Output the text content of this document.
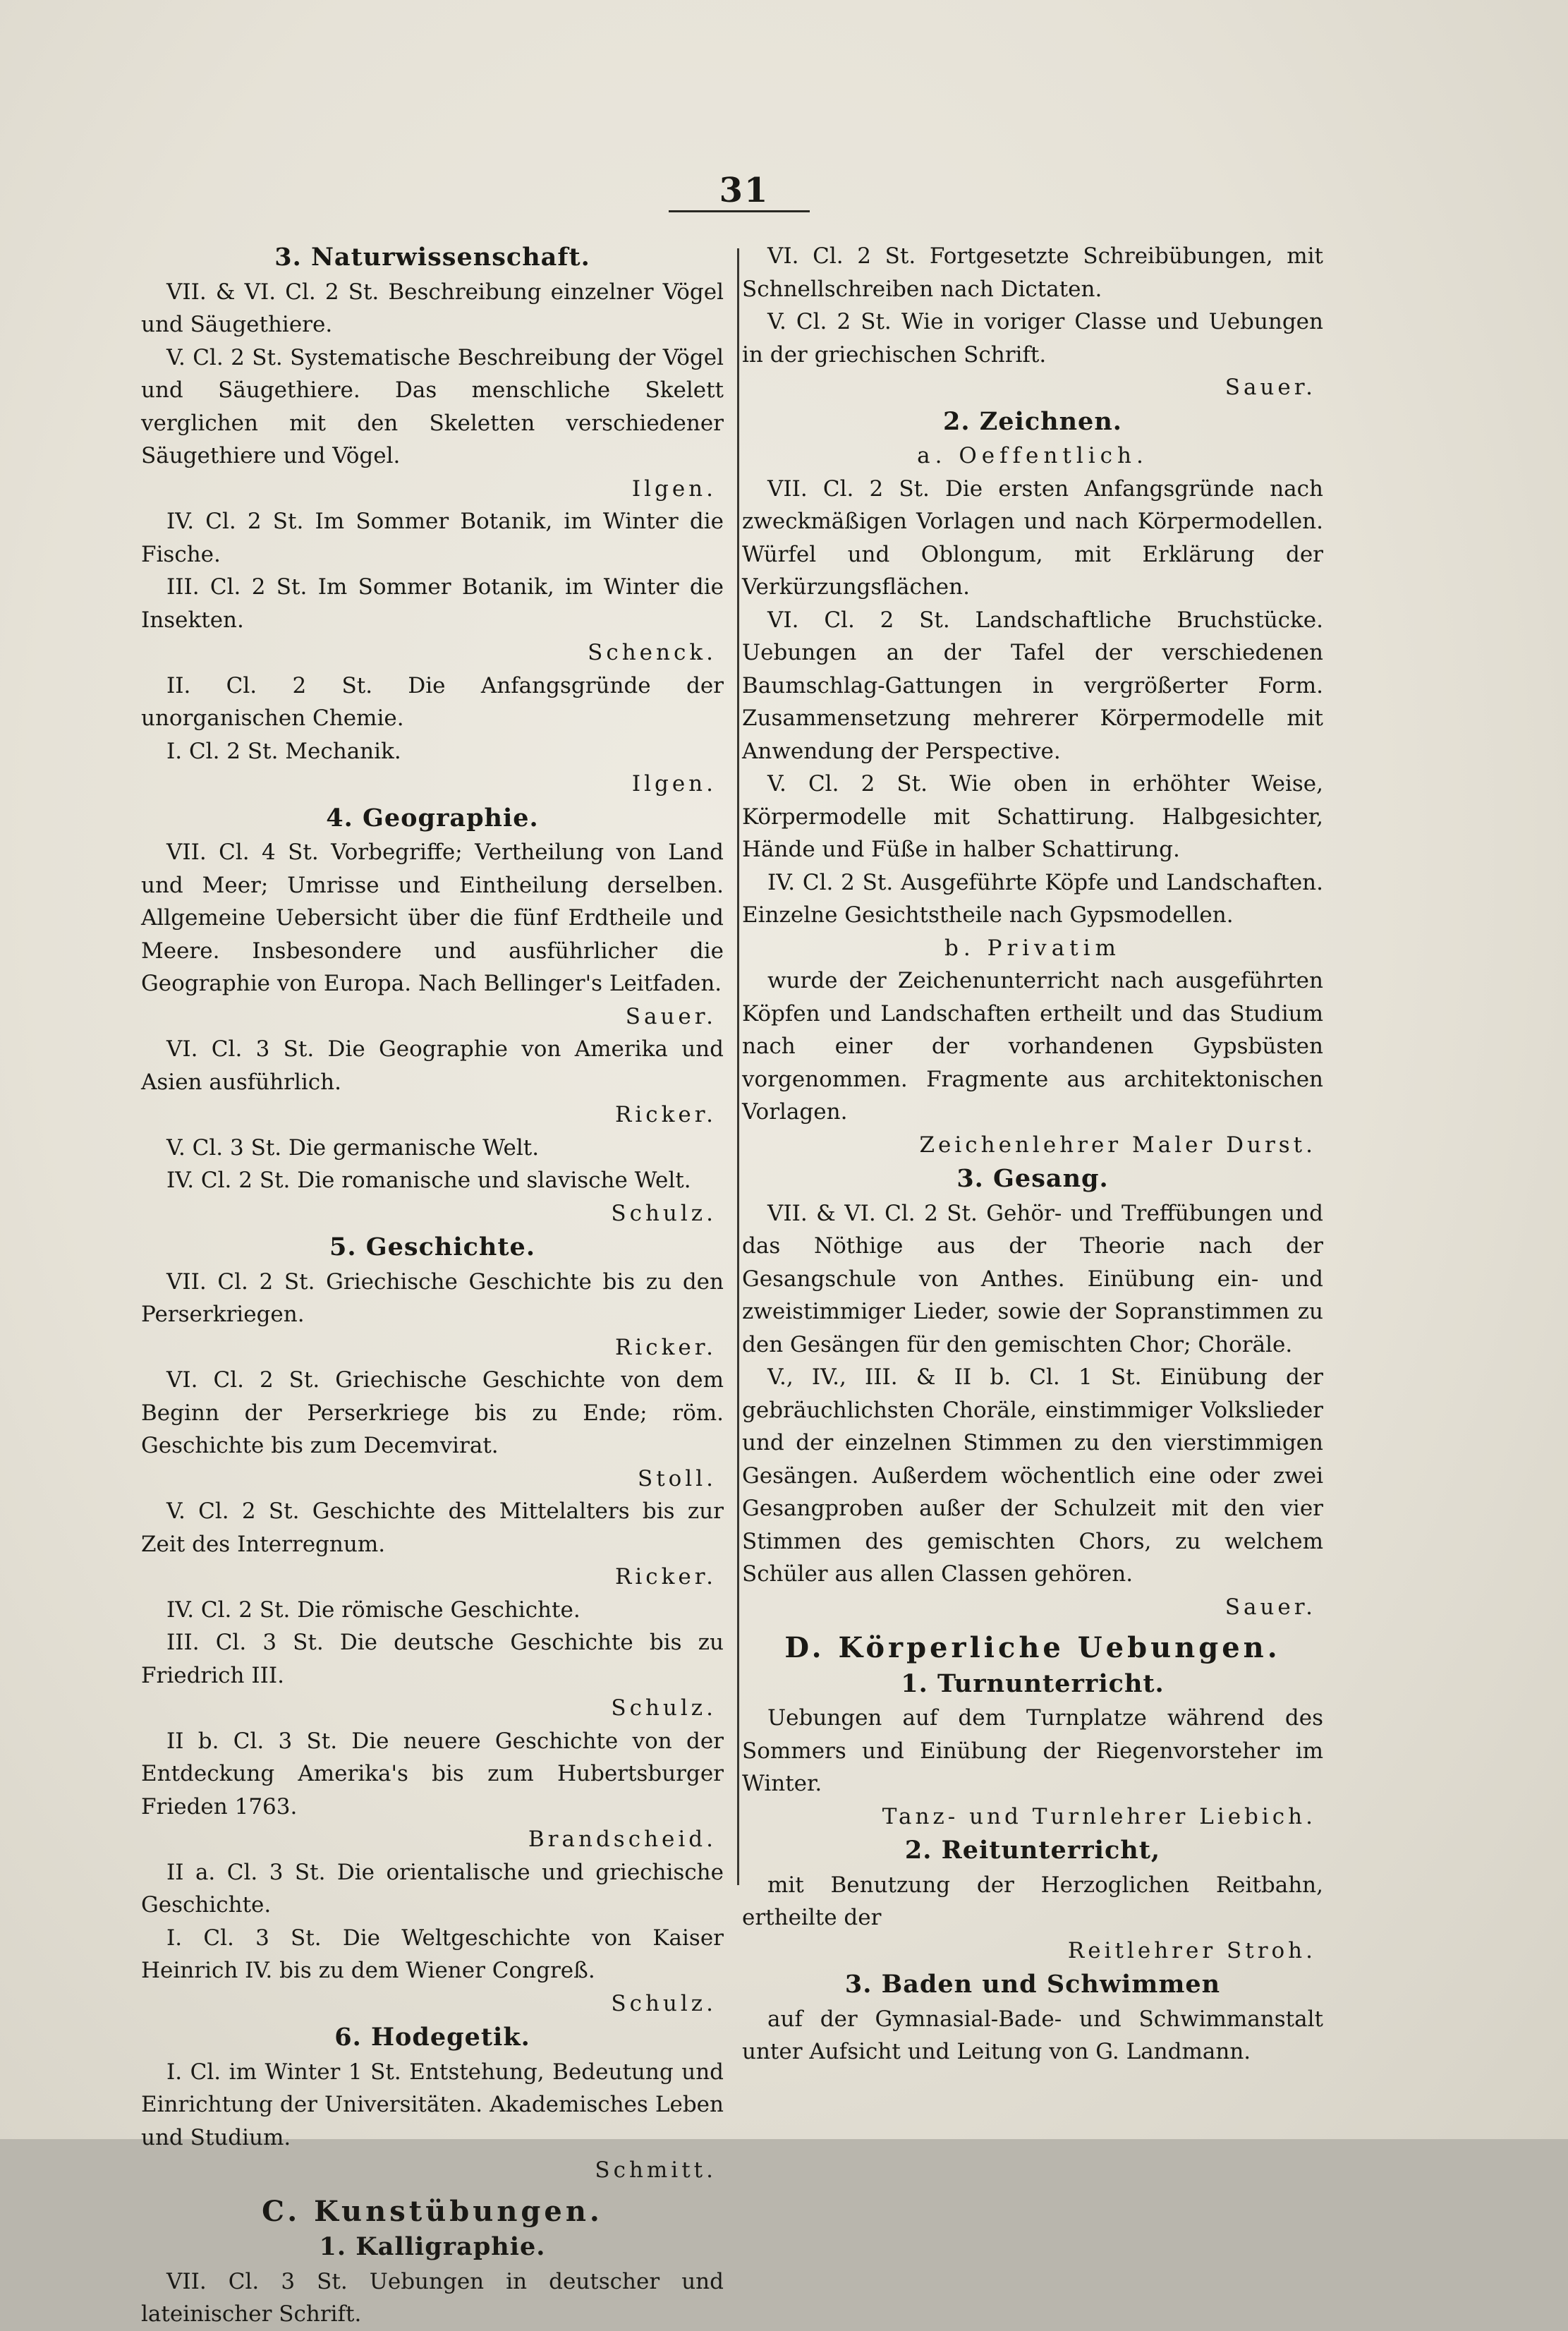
31
3. Naturwissenschaft.

VII. & VI. Cl. 2 St. Beschreibung einzelner Vögel und Säugethiere.

V. Cl. 2 St. Systematische Beschreibung der Vögel und Säugethiere. Das menschliche Skelett verglichen mit den Skeletten verschiedener Säugethiere und Vögel.

Ilgen.

IV. Cl. 2 St. Im Sommer Botanik, im Winter die Fische.

III. Cl. 2 St. Im Sommer Botanik, im Winter die Insekten.

Schenck.

II. Cl. 2 St. Die Anfangsgründe der unorganischen Chemie.

I. Cl. 2 St. Mechanik.

Ilgen.

4. Geographie.

VII. Cl. 4 St. Vorbegriffe; Vertheilung von Land und Meer; Umrisse und Eintheilung derselben. Allgemeine Uebersicht über die fünf Erdtheile und Meere. Insbesondere und ausführlicher die Geographie von Europa. Nach Bellinger's Leitfaden.

Sauer.

VI. Cl. 3 St. Die Geographie von Amerika und Asien ausführlich.

Ricker.

V. Cl. 3 St. Die germanische Welt.

IV. Cl. 2 St. Die romanische und slavische Welt.

Schulz.

5. Geschichte.

VII. Cl. 2 St. Griechische Geschichte bis zu den Perserkriegen.

Ricker.

VI. Cl. 2 St. Griechische Geschichte von dem Beginn der Perserkriege bis zu Ende; röm. Geschichte bis zum Decemvirat.

Stoll.

V. Cl. 2 St. Geschichte des Mittelalters bis zur Zeit des Interregnum.

Ricker.

IV. Cl. 2 St. Die römische Geschichte.

III. Cl. 3 St. Die deutsche Geschichte bis zu Friedrich III.

Schulz.

II b. Cl. 3 St. Die neuere Geschichte von der Entdeckung Amerika's bis zum Hubertsburger Frieden 1763.

Brandscheid.

II a. Cl. 3 St. Die orientalische und griechische Geschichte.

I. Cl. 3 St. Die Weltgeschichte von Kaiser Heinrich IV. bis zu dem Wiener Congreß.

Schulz.

6. Hodegetik.

I. Cl. im Winter 1 St. Entstehung, Bedeutung und Einrichtung der Universitäten. Akademisches Leben und Studium.

Schmitt.

C. Kunstübungen.
1. Kalligraphie.

VII. Cl. 3 St. Uebungen in deutscher und lateinischer Schrift.

VI. Cl. 2 St. Fortgesetzte Schreibübungen, mit Schnellschreiben nach Dictaten.

V. Cl. 2 St. Wie in voriger Classe und Uebungen in der griechischen Schrift.

Sauer.

2. Zeichnen.

a. Oeffentlich.

VII. Cl. 2 St. Die ersten Anfangsgründe nach zweckmäßigen Vorlagen und nach Körpermodellen. Würfel und Oblongum, mit Erklärung der Verkürzungsflächen.

VI. Cl. 2 St. Landschaftliche Bruchstücke. Uebungen an der Tafel der verschiedenen Baumschlag-Gattungen in vergrößerter Form. Zusammensetzung mehrerer Körpermodelle mit Anwendung der Perspective.

V. Cl. 2 St. Wie oben in erhöhter Weise, Körpermodelle mit Schattirung. Halbgesichter, Hände und Füße in halber Schattirung.

IV. Cl. 2 St. Ausgeführte Köpfe und Landschaften. Einzelne Gesichtstheile nach Gypsmodellen.

b. Privatim

wurde der Zeichenunterricht nach ausgeführten Köpfen und Landschaften ertheilt und das Studium nach einer der vorhandenen Gypsbüsten vorgenommen. Fragmente aus architektonischen Vorlagen.

Zeichenlehrer Maler Durst.

3. Gesang.

VII. & VI. Cl. 2 St. Gehör- und Treffübungen und das Nöthige aus der Theorie nach der Gesangschule von Anthes. Einübung ein- und zweistimmiger Lieder, sowie der Sopranstimmen zu den Gesängen für den gemischten Chor; Choräle.

V., IV., III. & II b. Cl. 1 St. Einübung der gebräuchlichsten Choräle, einstimmiger Volkslieder und der einzelnen Stimmen zu den vierstimmigen Gesängen. Außerdem wöchentlich eine oder zwei Gesangproben außer der Schulzeit mit den vier Stimmen des gemischten Chors, zu welchem Schüler aus allen Classen gehören.

Sauer.

D. Körperliche Uebungen.
1. Turnunterricht.

Uebungen auf dem Turnplatze während des Sommers und Einübung der Riegenvorsteher im Winter.

Tanz- und Turnlehrer Liebich.

2. Reitunterricht,

mit Benutzung der Herzoglichen Reitbahn, ertheilte der

Reitlehrer Stroh.

3. Baden und Schwimmen

auf der Gymnasial-Bade- und Schwimmanstalt unter Aufsicht und Leitung von G. Landmann.
